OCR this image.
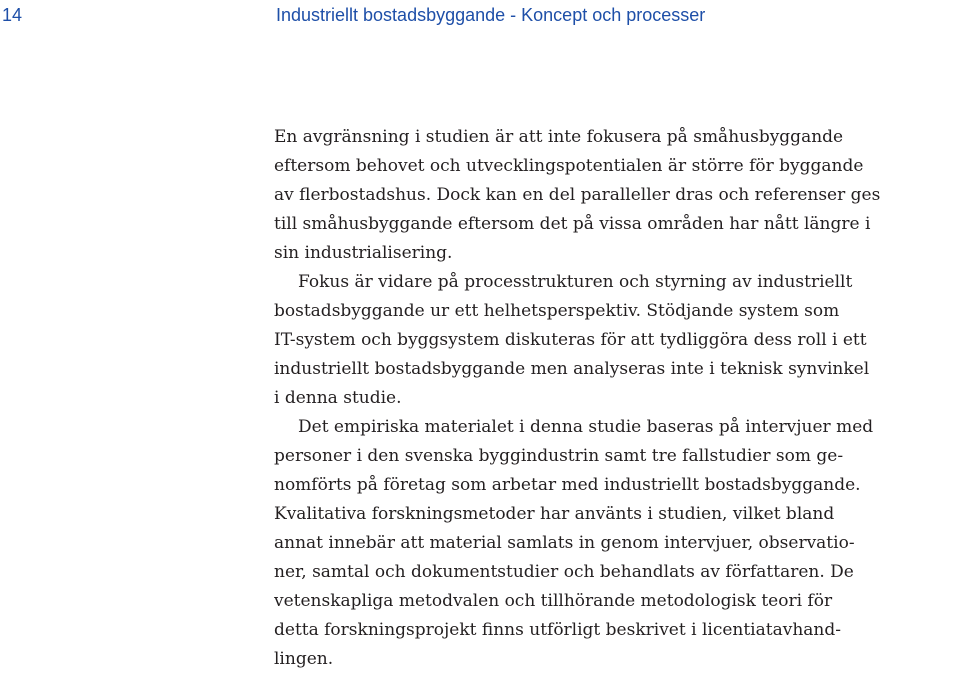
14	Industriellt bostadsbyggande - Koncept och processer
En avgränsning i studien är att inte fokusera på småhusbyggande
eftersom behovet och utvecklingspotentialen är större för byggande
av flerbostadshus. Dock kan en del paralleller dras och referenser ges
till småhusbyggande eftersom det på vissa områden har nått längre i
sin industrialisering.
Fokus är vidare på processtrukturen och styrning av industriellt
bostadsbyggande ur ett helhetsperspektiv. Stödjande system som
IT-system och byggsystem diskuteras för att tydliggöra dess roll i ett
industriellt bostadsbyggande men analyseras inte i teknisk synvinkel
i denna studie.
Det empiriska materialet i denna studie baseras på intervjuer med
personer i den svenska byggindustrin samt tre fallstudier som ge-
nomförts på företag som arbetar med industriellt bostadsbyggande.
Kvalitativa forskningsmetoder har använts i studien, vilket bland
annat innebär att material samlats in genom intervjuer, observatio-
ner, samtal och dokumentstudier och behandlats av författaren. De
vetenskapliga metodvalen och tillhörande metodologisk teori för
detta forskningsprojekt finns utförligt beskrivet i licentiatavhand-
lingen.
